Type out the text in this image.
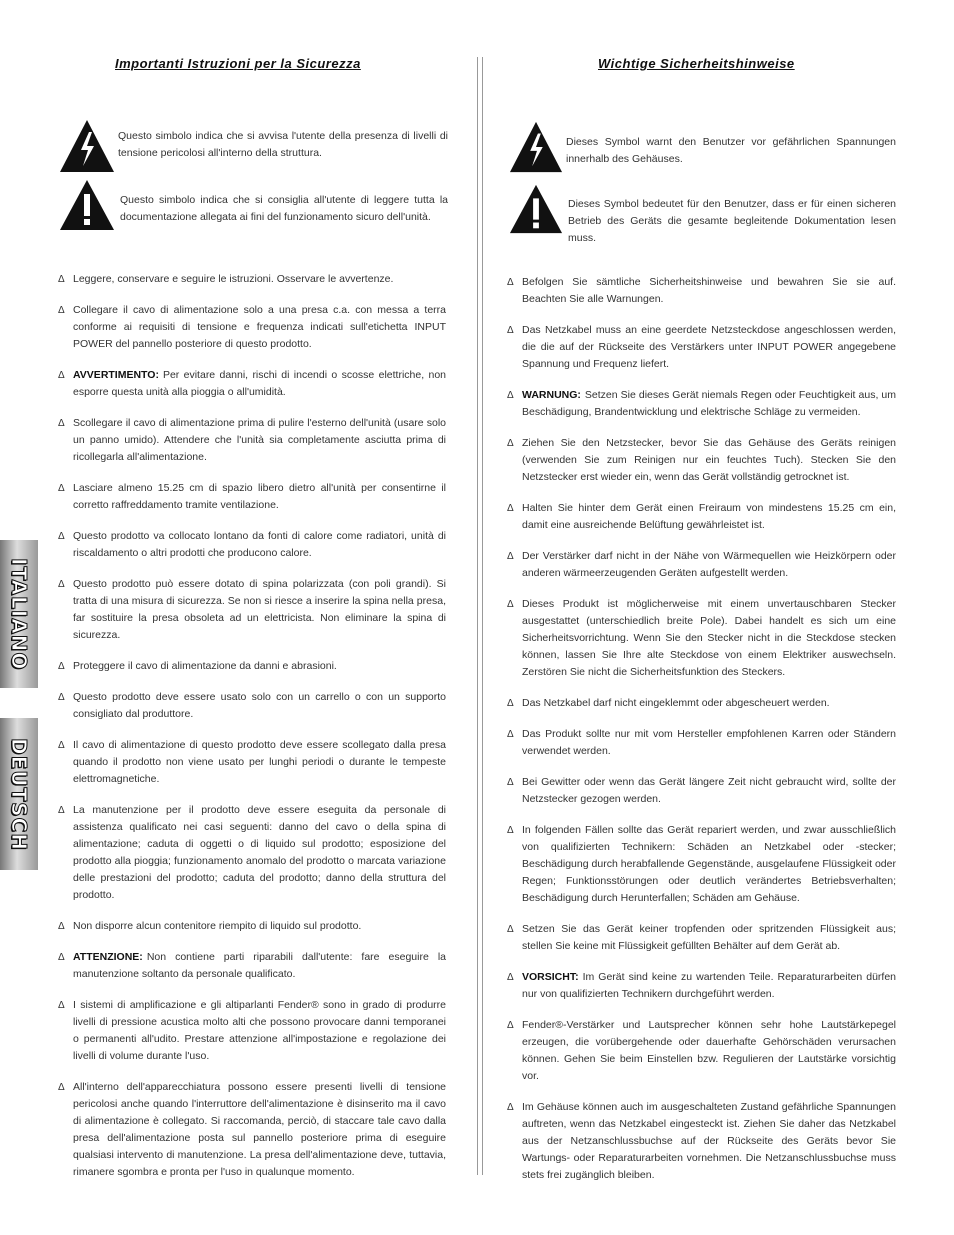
Importanti Istruzioni per la Sicurezza	Wichtige Sicherheitshinweise
ITALIANO
DEUTSCH
Questo simbolo indica che si avvisa l'utente della presenza di livelli di tensione pericolosi all'interno della struttura.
Questo simbolo indica che si consiglia all'utente di leggere tutta la documentazione allegata ai fini del funzionamento sicuro dell'unità.
Dieses Symbol warnt den Benutzer vor gefährlichen Spannungen innerhalb des Gehäuses.
Dieses Symbol bedeutet für den Benutzer, dass er für einen sicheren Betrieb des Geräts die gesamte begleitende Dokumentation lesen muss.
Δ Leggere, conservare e seguire le istruzioni. Osservare le avvertenze.
Δ Collegare il cavo di alimentazione solo a una presa c.a. con messa a terra conforme ai requisiti di tensione e frequenza indicati sull'etichetta INPUT POWER del pannello posteriore di questo prodotto.
Δ AVVERTIMENTO: Per evitare danni, rischi di incendi o scosse elettriche, non esporre questa unità alla pioggia o all'umidità.
Δ Scollegare il cavo di alimentazione prima di pulire l'esterno dell'unità (usare solo un panno umido). Attendere che l'unità sia completamente asciutta prima di ricollegarla all'alimentazione.
Δ Lasciare almeno 15.25 cm di spazio libero dietro all'unità per consentirne il corretto raffreddamento tramite ventilazione.
Δ Questo prodotto va collocato lontano da fonti di calore come radiatori, unità di riscaldamento o altri prodotti che producono calore.
Δ Questo prodotto può essere dotato di spina polarizzata (con poli grandi). Si tratta di una misura di sicurezza. Se non si riesce a inserire la spina nella presa, far sostituire la presa obsoleta ad un elettricista. Non eliminare la spina di sicurezza.
Δ Proteggere il cavo di alimentazione da danni e abrasioni.
Δ Questo prodotto deve essere usato solo con un carrello o con un supporto consigliato dal produttore.
Δ Il cavo di alimentazione di questo prodotto deve essere scollegato dalla presa quando il prodotto non viene usato per lunghi periodi o durante le tempeste elettromagnetiche.
Δ La manutenzione per il prodotto deve essere eseguita da personale di assistenza qualificato nei casi seguenti: danno del cavo o della spina di alimentazione; caduta di oggetti o di liquido sul prodotto; esposizione del prodotto alla pioggia; funzionamento anomalo del prodotto o marcata variazione delle prestazioni del prodotto; caduta del prodotto; danno della struttura del prodotto.
Δ Non disporre alcun contenitore riempito di liquido sul prodotto.
Δ ATTENZIONE: Non contiene parti riparabili dall'utente: fare eseguire la manutenzione soltanto da personale qualificato.
Δ I sistemi di amplificazione e gli altiparlanti Fender® sono in grado di produrre livelli di pressione acustica molto alti che possono provocare danni temporanei o permanenti all'udito. Prestare attenzione all'impostazione e regolazione dei livelli di volume durante l'uso.
Δ All'interno dell'apparecchiatura possono essere presenti livelli di tensione pericolosi anche quando l'interruttore dell'alimentazione è disinserito ma il cavo di alimentazione è collegato. Si raccomanda, perciò, di staccare tale cavo dalla presa dell'alimentazione posta sul pannello posteriore prima di eseguire qualsiasi intervento di manutenzione. La presa dell'alimentazione deve, tuttavia, rimanere sgombra e pronta per l'uso in qualunque momento.
Δ Befolgen Sie sämtliche Sicherheitshinweise und bewahren Sie sie auf. Beachten Sie alle Warnungen.
Δ Das Netzkabel muss an eine geerdete Netzsteckdose angeschlossen werden, die die auf der Rückseite des Verstärkers unter INPUT POWER angegebene Spannung und Frequenz liefert.
Δ WARNUNG: Setzen Sie dieses Gerät niemals Regen oder Feuchtigkeit aus, um Beschädigung, Brandentwicklung und elektrische Schläge zu vermeiden.
Δ Ziehen Sie den Netzstecker, bevor Sie das Gehäuse des Geräts reinigen (verwenden Sie zum Reinigen nur ein feuchtes Tuch). Stecken Sie den Netzstecker erst wieder ein, wenn das Gerät vollständig getrocknet ist.
Δ Halten Sie hinter dem Gerät einen Freiraum von mindestens 15.25 cm ein, damit eine ausreichende Belüftung gewährleistet ist.
Δ Der Verstärker darf nicht in der Nähe von Wärmequellen wie Heizkörpern oder anderen wärmeerzeugenden Geräten aufgestellt werden.
Δ Dieses Produkt ist möglicherweise mit einem unvertauschbaren Stecker ausgestattet (unterschiedlich breite Pole). Dabei handelt es sich um eine Sicherheitsvorrichtung. Wenn Sie den Stecker nicht in die Steckdose stecken können, lassen Sie Ihre alte Steckdose von einem Elektriker auswechseln. Zerstören Sie nicht die Sicherheitsfunktion des Steckers.
Δ Das Netzkabel darf nicht eingeklemmt oder abgescheuert werden.
Δ Das Produkt sollte nur mit vom Hersteller empfohlenen Karren oder Ständern verwendet werden.
Δ Bei Gewitter oder wenn das Gerät längere Zeit nicht gebraucht wird, sollte der Netzstecker gezogen werden.
Δ In folgenden Fällen sollte das Gerät repariert werden, und zwar ausschließlich von qualifizierten Technikern: Schäden an Netzkabel oder -stecker; Beschädigung durch herabfallende Gegenstände, ausgelaufene Flüssigkeit oder Regen; Funktionsstörungen oder deutlich verändertes Betriebsverhalten; Beschädigung durch Herunterfallen; Schäden am Gehäuse.
Δ Setzen Sie das Gerät keiner tropfenden oder spritzenden Flüssigkeit aus; stellen Sie keine mit Flüssigkeit gefüllten Behälter auf dem Gerät ab.
Δ VORSICHT: Im Gerät sind keine zu wartenden Teile. Reparaturarbeiten dürfen nur von qualifizierten Technikern durchgeführt werden.
Δ Fender®-Verstärker und Lautsprecher können sehr hohe Lautstärkepegel erzeugen, die vorübergehende oder dauerhafte Gehörschäden verursachen können. Gehen Sie beim Einstellen bzw. Regulieren der Lautstärke vorsichtig vor.
Δ Im Gehäuse können auch im ausgeschalteten Zustand gefährliche Spannungen auftreten, wenn das Netzkabel eingesteckt ist. Ziehen Sie daher das Netzkabel aus der Netzanschlussbuchse auf der Rückseite des Geräts bevor Sie Wartungs- oder Reparaturarbeiten vornehmen. Die Netzanschlussbuchse muss stets frei zugänglich bleiben.
